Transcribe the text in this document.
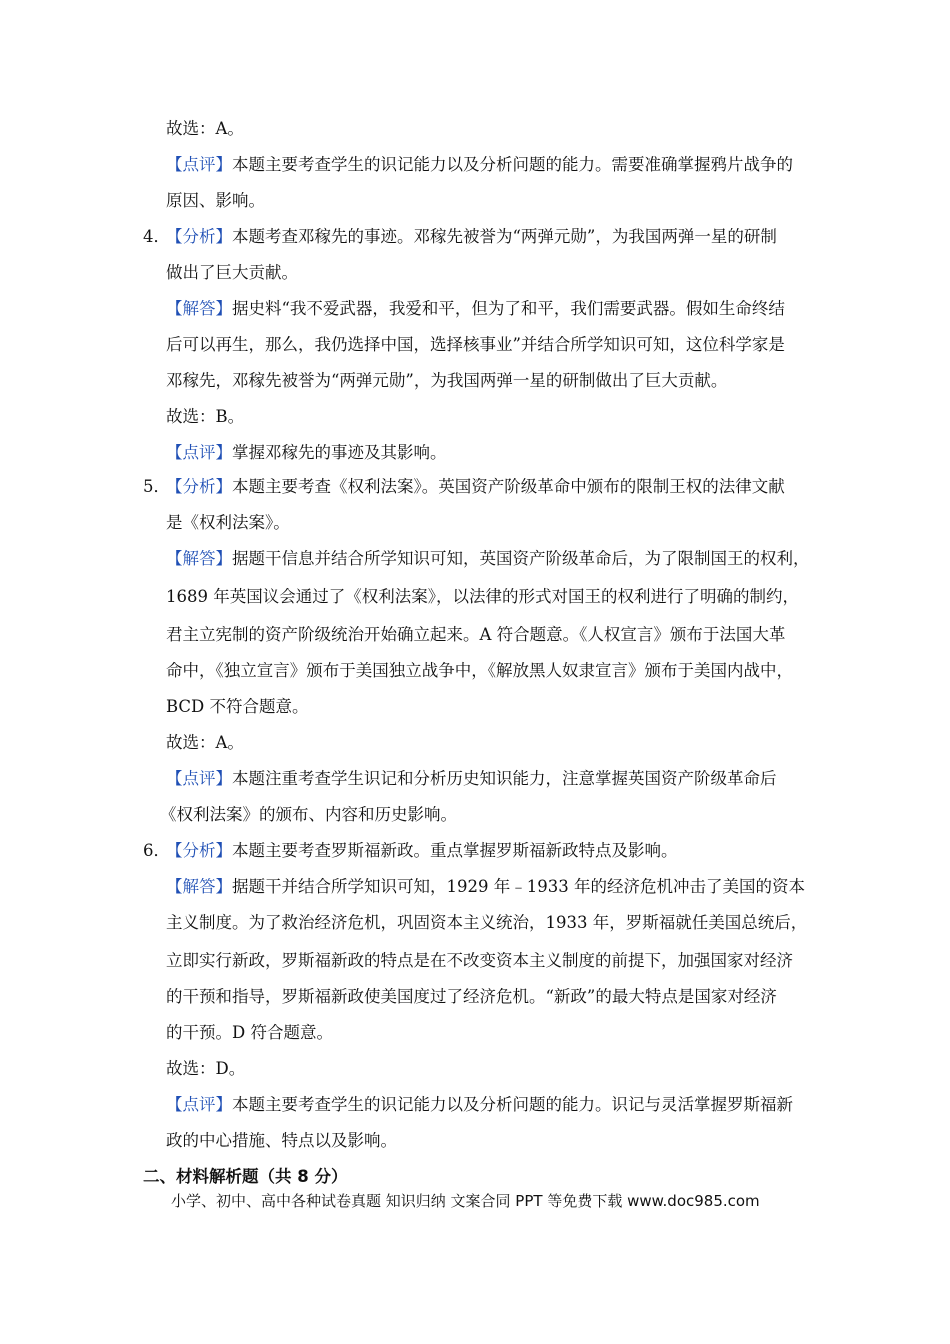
故选：A。
【点评】本题主要考查学生的识记能力以及分析问题的能力。需要准确掌握鸦片战争的
原因、影响。
4．
【分析】本题考查邓稼先的事迹。邓稼先被誉为“两弹元勋”，为我国两弹一星的研制
做出了巨大贡献。
【解答】据史料“我不爱武器，我爱和平，但为了和平，我们需要武器。假如生命终结
后可以再生，那么，我仍选择中国，选择核事业”并结合所学知识可知，这位科学家是
邓稼先，邓稼先被誉为“两弹元勋”，为我国两弹一星的研制做出了巨大贡献。
故选：B。
【点评】掌握邓稼先的事迹及其影响。
5．
【分析】本题主要考查《权利法案》。英国资产阶级革命中颁布的限制王权的法律文献
是《权利法案》。
【解答】据题干信息并结合所学知识可知，英国资产阶级革命后，为了限制国王的权利，
1689 年英国议会通过了《权利法案》，以法律的形式对国王的权利进行了明确的制约，
君主立宪制的资产阶级统治开始确立起来。A 符合题意。《人权宣言》颁布于法国大革
命中，《独立宣言》颁布于美国独立战争中，《解放黑人奴隶宣言》颁布于美国内战中，
BCD 不符合题意。
故选：A。
【点评】本题注重考查学生识记和分析历史知识能力，注意掌握英国资产阶级革命后
《权利法案》的颁布、内容和历史影响。
6．
【分析】本题主要考查罗斯福新政。重点掌握罗斯福新政特点及影响。
【解答】据题干并结合所学知识可知，1929 年﹣1933 年的经济危机冲击了美国的资本
主义制度。为了救治经济危机，巩固资本主义统治，1933 年，罗斯福就任美国总统后，
立即实行新政，罗斯福新政的特点是在不改变资本主义制度的前提下，加强国家对经济
的干预和指导，罗斯福新政使美国度过了经济危机。“新政”的最大特点是国家对经济
的干预。D 符合题意。
故选：D。
【点评】本题主要考查学生的识记能力以及分析问题的能力。识记与灵活掌握罗斯福新
政的中心措施、特点以及影响。
二、材料解析题（共 8 分）
小学、初中、高中各种试卷真题 知识归纳 文案合同 PPT 等免费下载 www.doc985.com
